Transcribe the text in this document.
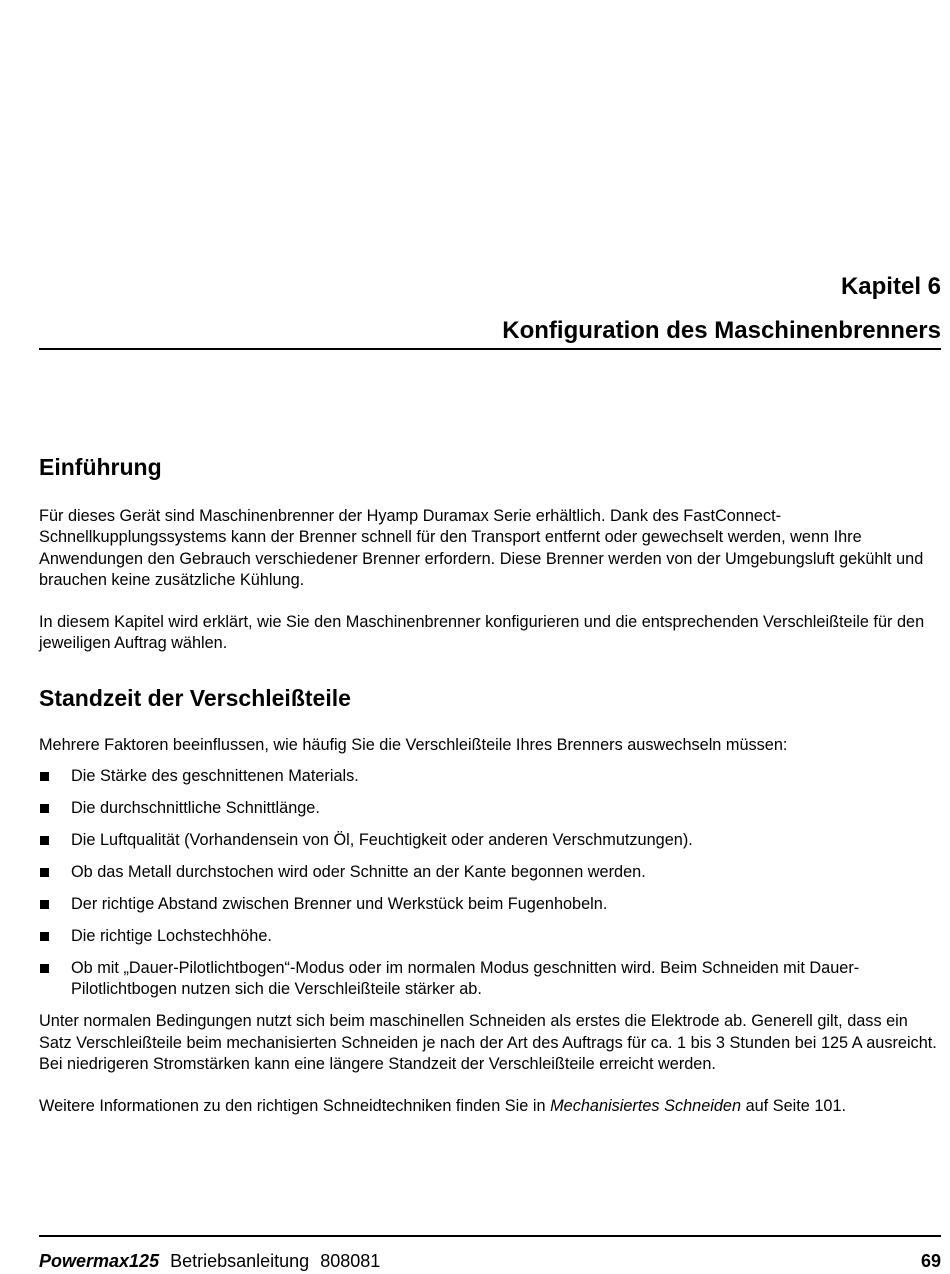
Kapitel 6

Konfiguration des Maschinenbrenners

Einführung

Für dieses Gerät sind Maschinenbrenner der Hyamp Duramax Serie erhältlich. Dank des FastConnect-Schnellkupplungssystems kann der Brenner schnell für den Transport entfernt oder gewechselt werden, wenn Ihre Anwendungen den Gebrauch verschiedener Brenner erfordern. Diese Brenner werden von der Umgebungsluft gekühlt und brauchen keine zusätzliche Kühlung.

In diesem Kapitel wird erklärt, wie Sie den Maschinenbrenner konfigurieren und die entsprechenden Verschleißteile für den jeweiligen Auftrag wählen.

Standzeit der Verschleißteile

Mehrere Faktoren beeinflussen, wie häufig Sie die Verschleißteile Ihres Brenners auswechseln müssen:

Die Stärke des geschnittenen Materials.
Die durchschnittliche Schnittlänge.
Die Luftqualität (Vorhandensein von Öl, Feuchtigkeit oder anderen Verschmutzungen).
Ob das Metall durchstochen wird oder Schnitte an der Kante begonnen werden.
Der richtige Abstand zwischen Brenner und Werkstück beim Fugenhobeln.
Die richtige Lochstechhöhe.
Ob mit „Dauer-Pilotlichtbogen“-Modus oder im normalen Modus geschnitten wird. Beim Schneiden mit Dauer-Pilotlichtbogen nutzen sich die Verschleißteile stärker ab.

Unter normalen Bedingungen nutzt sich beim maschinellen Schneiden als erstes die Elektrode ab. Generell gilt, dass ein Satz Verschleißteile beim mechanisierten Schneiden je nach der Art des Auftrags für ca. 1 bis 3 Stunden bei 125 A ausreicht. Bei niedrigeren Stromstärken kann eine längere Standzeit der Verschleißteile erreicht werden.

Weitere Informationen zu den richtigen Schneidtechniken finden Sie in Mechanisiertes Schneiden auf Seite 101.

Powermax125 Betriebsanleitung 808081	69
